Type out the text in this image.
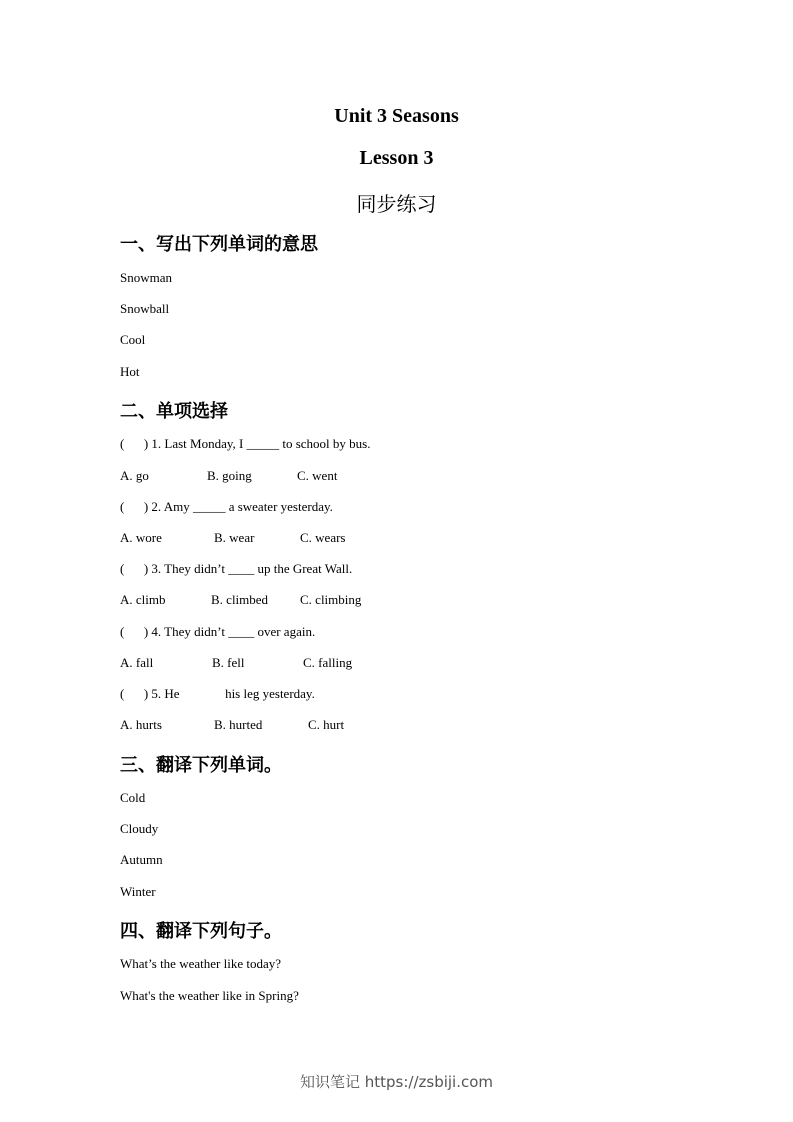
Unit 3 Seasons
Lesson 3
同步练习
一、写出下列单词的意思
Snowman
Snowball
Cool
Hot
二、单项选择
(      ) 1. Last Monday, I _____ to school by bus.
A. go	B. going	C. went
(      ) 2. Amy _____ a sweater yesterday.
A. wore	B. wear	C. wears
(      ) 3. They didn’t ____ up the Great Wall.
A. climb	B. climbed C. climbing
(      ) 4. They didn’t ____ over again.
A. fall	B. fell	C. falling
(      ) 5. He              his leg yesterday.
A. hurts	B. hurted	C. hurt
三、翻译下列单词。
Cold
Cloudy
Autumn
Winter
四、翻译下列句子。
What’s the weather like today?
What's the weather like in Spring?
知识笔记 https://zsbiji.com
